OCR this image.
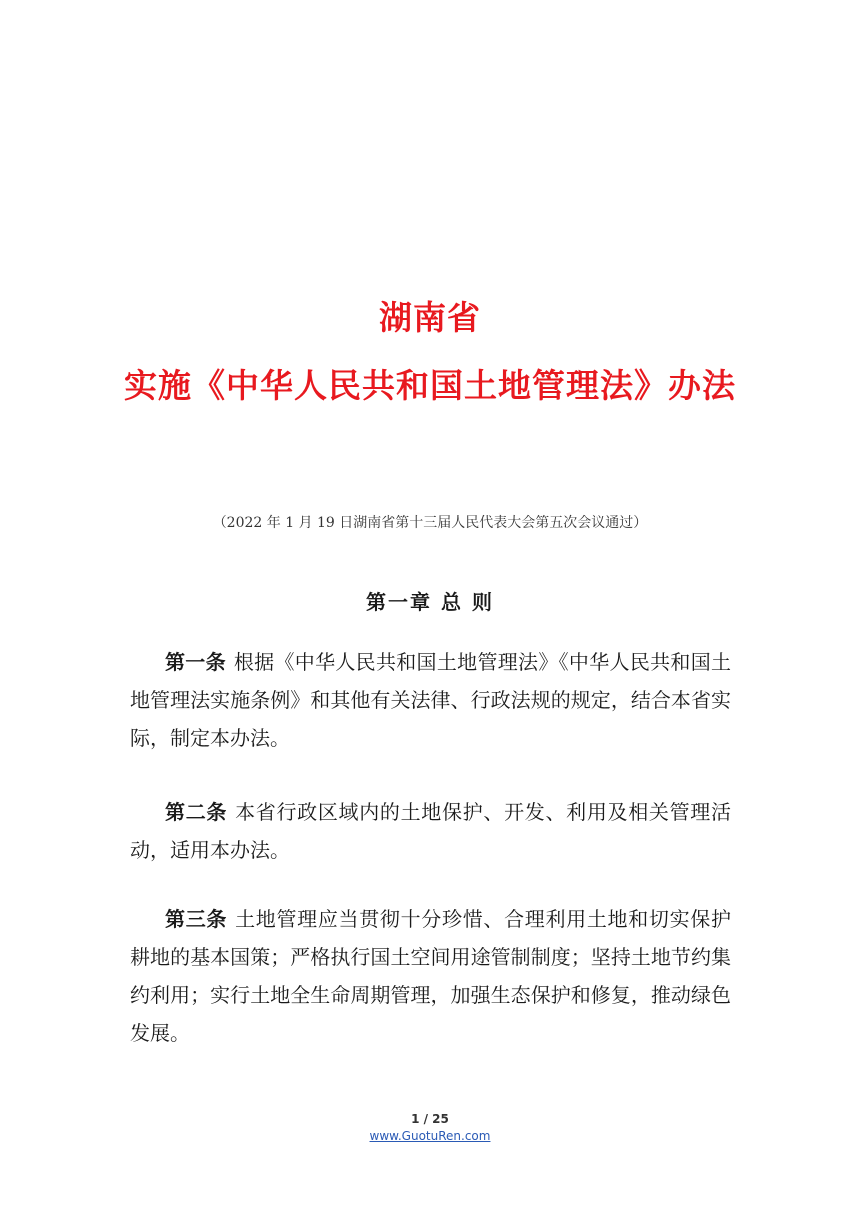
湖南省
实施《中华人民共和国土地管理法》办法
（2022 年 1 月 19 日湖南省第十三届人民代表大会第五次会议通过）
第一章 总 则

第一条 根据《中华人民共和国土地管理法》《中华人民共和国土地管理法实施条例》和其他有关法律、行政法规的规定，结合本省实际，制定本办法。

第二条 本省行政区域内的土地保护、开发、利用及相关管理活动，适用本办法。

第三条 土地管理应当贯彻十分珍惜、合理利用土地和切实保护耕地的基本国策；严格执行国土空间用途管制制度；坚持土地节约集约利用；实行土地全生命周期管理，加强生态保护和修复，推动绿色发展。

1 / 25
www.GuotuRen.com
